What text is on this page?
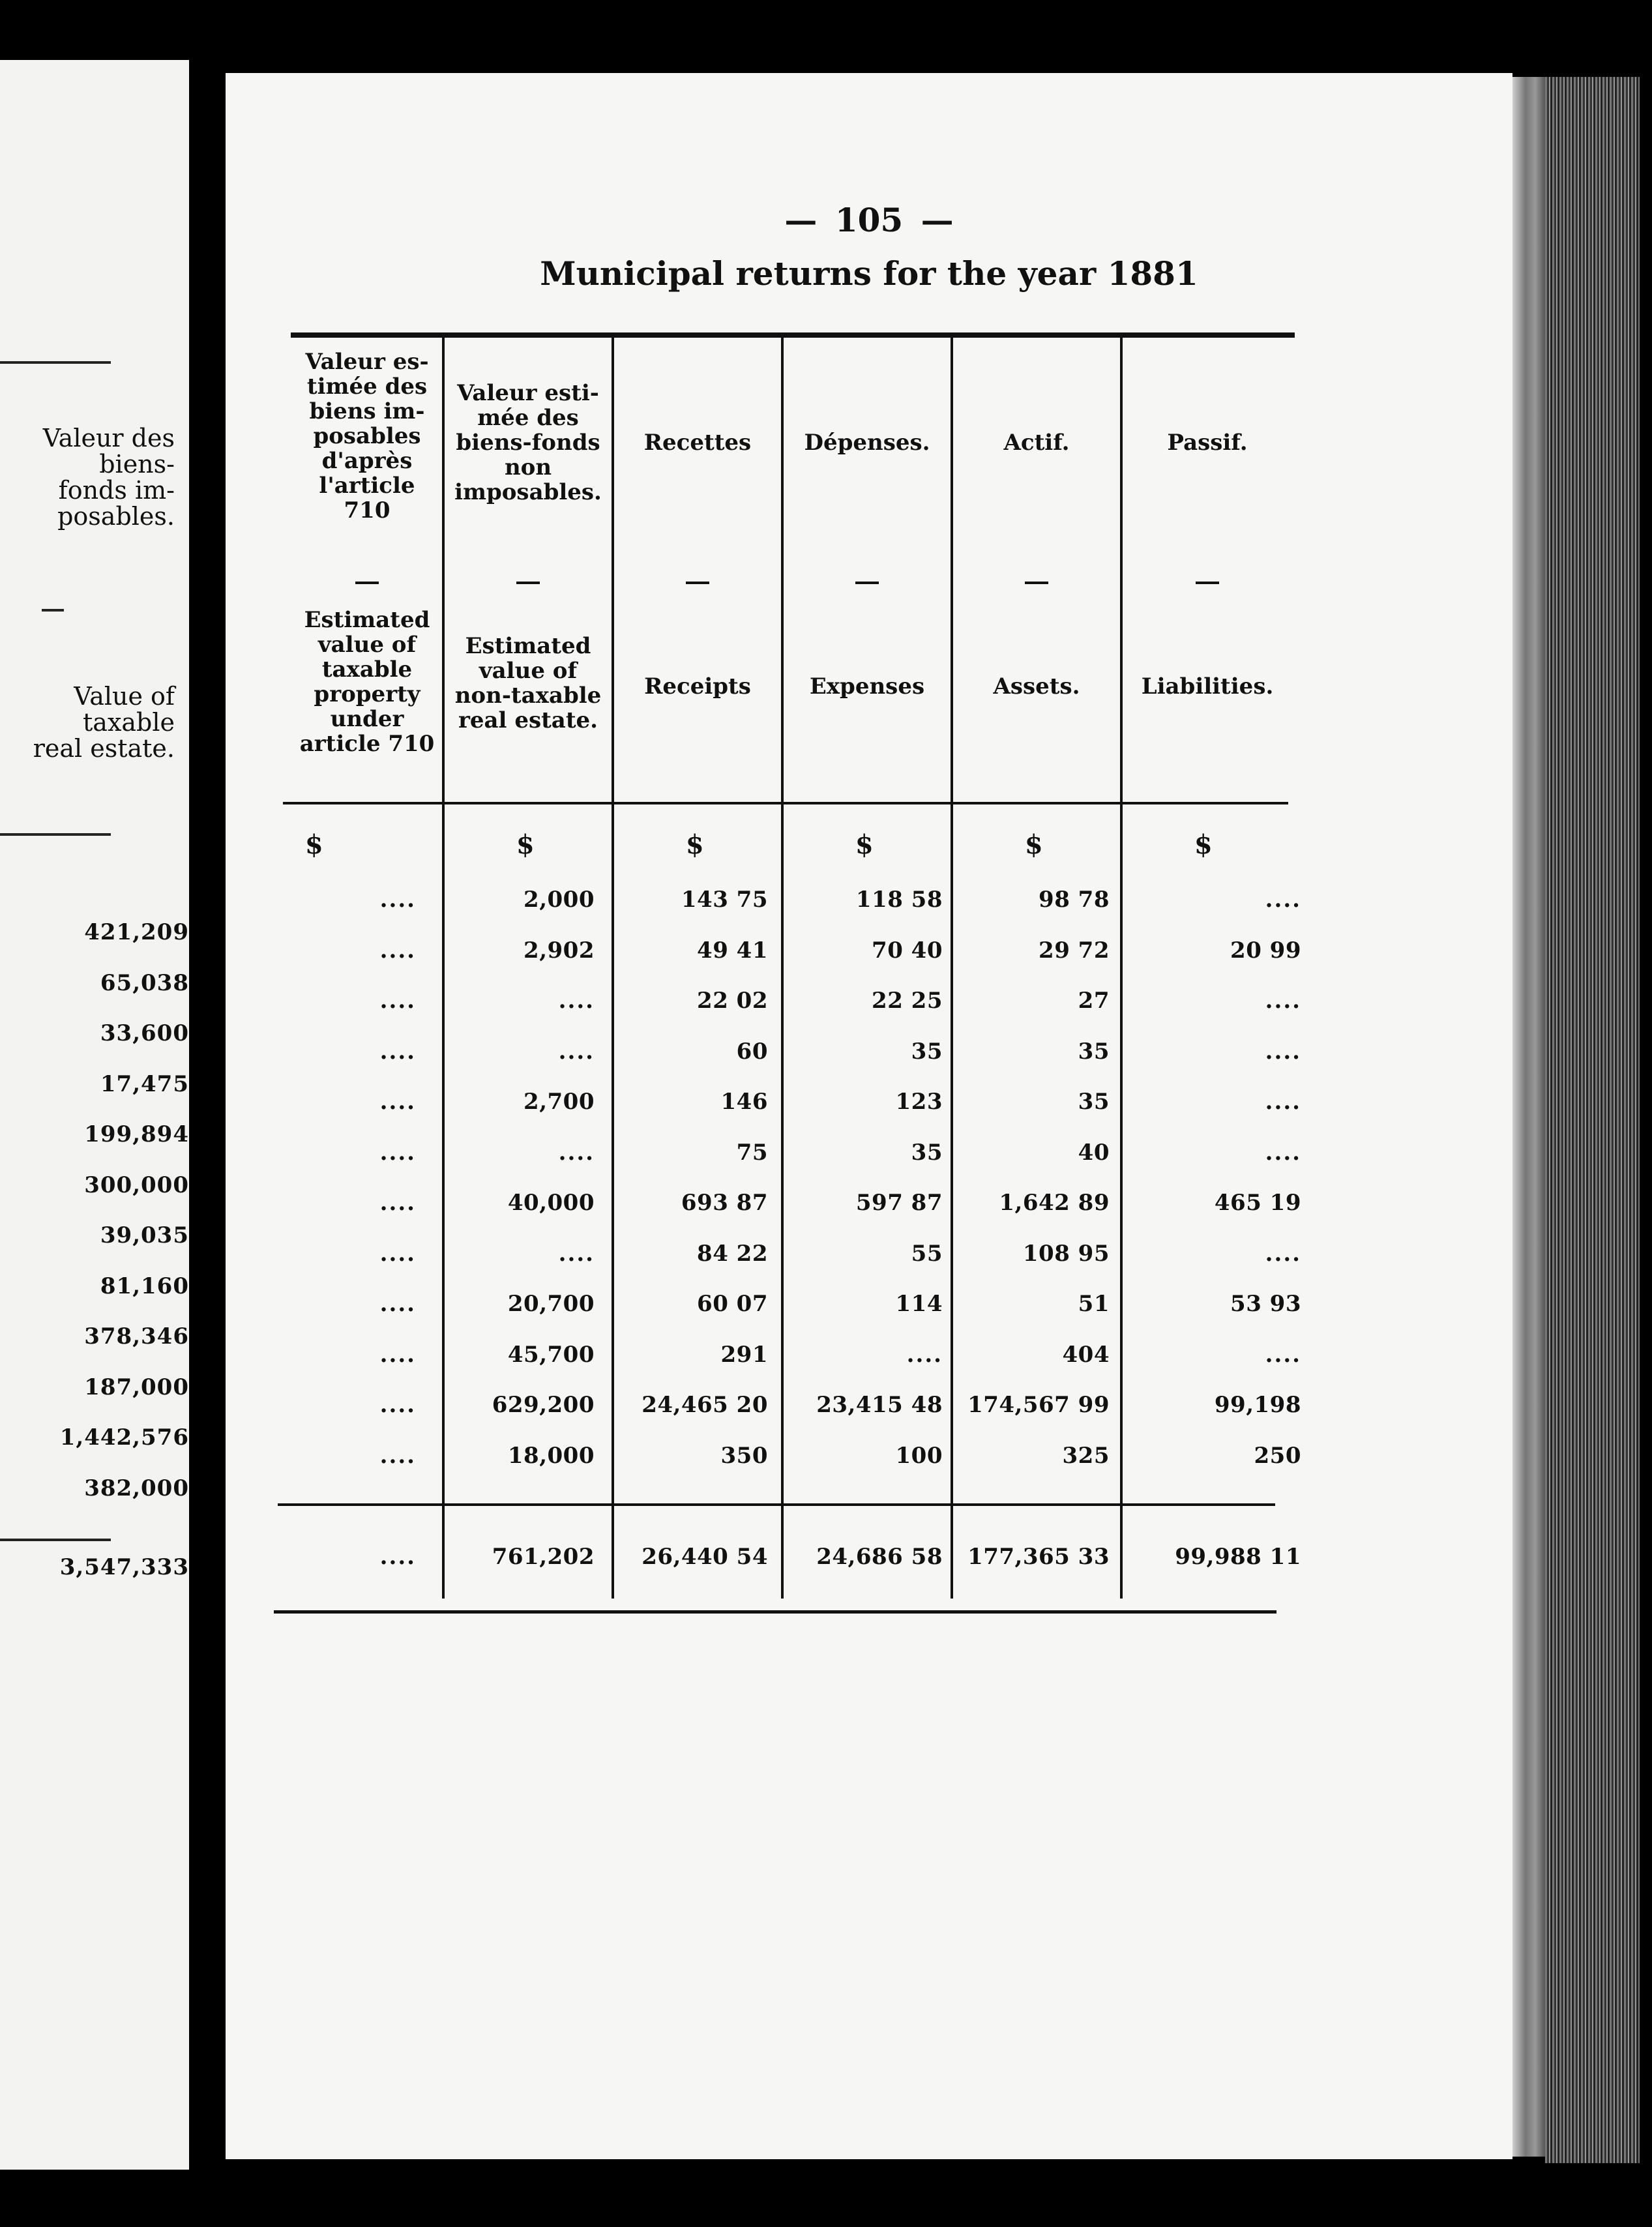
Valeur des
biens-
fonds im-
posables.
Value of
taxable
real estate.
421,209
65,038
33,600
17,475
199,894
300,000
39,035
81,160
378,346
187,000
1,442,576
382,000
3,547,333
— 105 —
Municipal returns for the year 1881
Valeur es-
timée des
biens im-
posables
d'après
l'article
710
Estimated
value of
taxable
property
under
article 710
Valeur esti-
mée des
biens-fonds
non
imposables.
Estimated
value of
non-taxable
real estate.
Recettes
Receipts
Dépenses.
Expenses
Actif.
Assets.
Passif.
Liabilities.
$	$	$	$	$	$
....	2,000	143 75	118 58	98 78	....
....	2,902	49 41	70 40	29 72	20 99
....	....	22 02	22 25	27	....
....	....	60	35	35	....
....	2,700	146	123	35	....
....	....	75	35	40	....
....	40,000	693 87	597 87	1,642 89	465 19
....	....	84 22	55	108 95	....
....	20,700	60 07	114	51	53 93
....	45,700	291	....	404	....
....	629,200	24,465 20	23,415 48	174,567 99	99,198
....	18,000	350	100	325	250
....	761,202	26,440 54	24,686 58	177,365 33	99,988 11
